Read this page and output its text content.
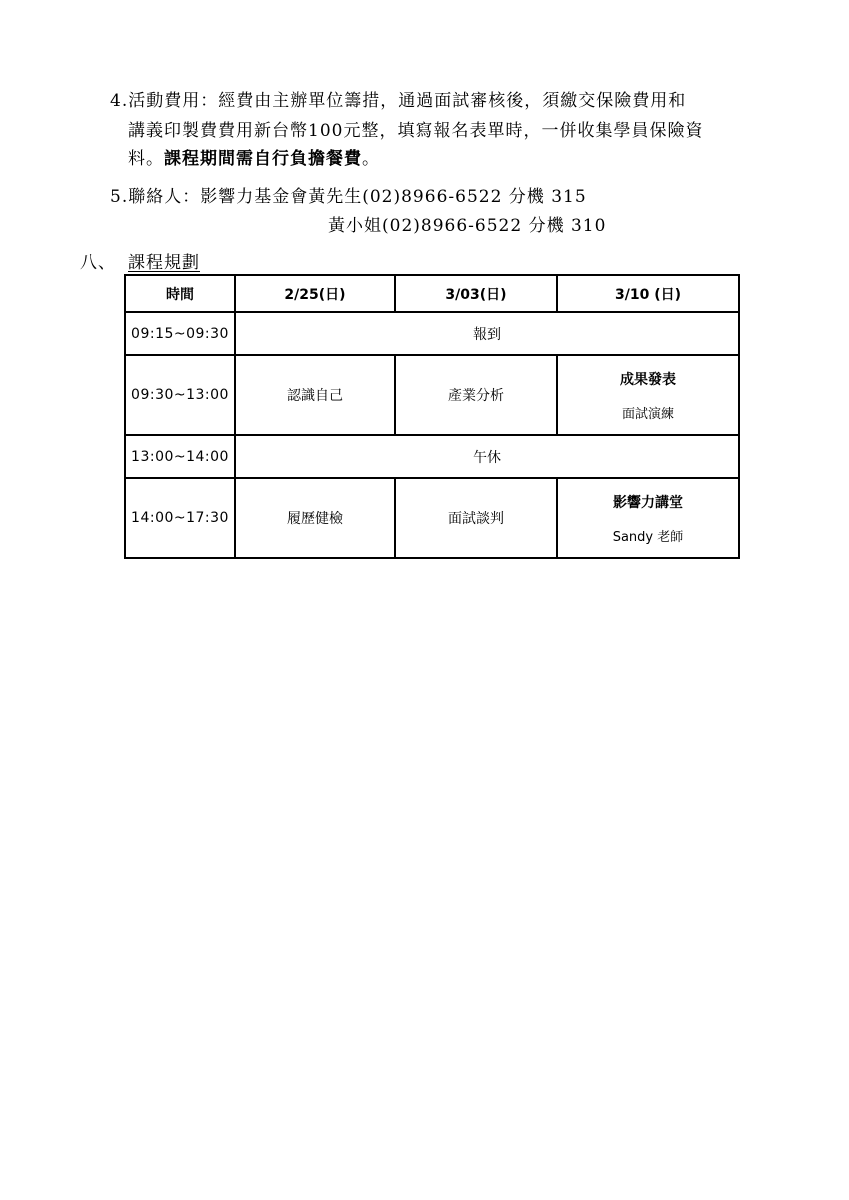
4.活動費用：經費由主辦單位籌措，通過面試審核後，須繳交保險費用和
講義印製費費用新台幣100元整，填寫報名表單時，一併收集學員保險資
料。課程期間需自行負擔餐費。
5.聯絡人：影響力基金會黃先生(02)8966-6522 分機 315
黃小姐(02)8966-6522 分機 310
八、 課程規劃
時間	2/25(日)	3/03(日)	3/10 (日)
09:15~09:30	報到		
09:30~13:00	認識自己	產業分析	成果發表
面試演練

13:00~14:00	午休		
14:00~17:30	履歷健檢	面試談判	影響力講堂
Sandy 老師
